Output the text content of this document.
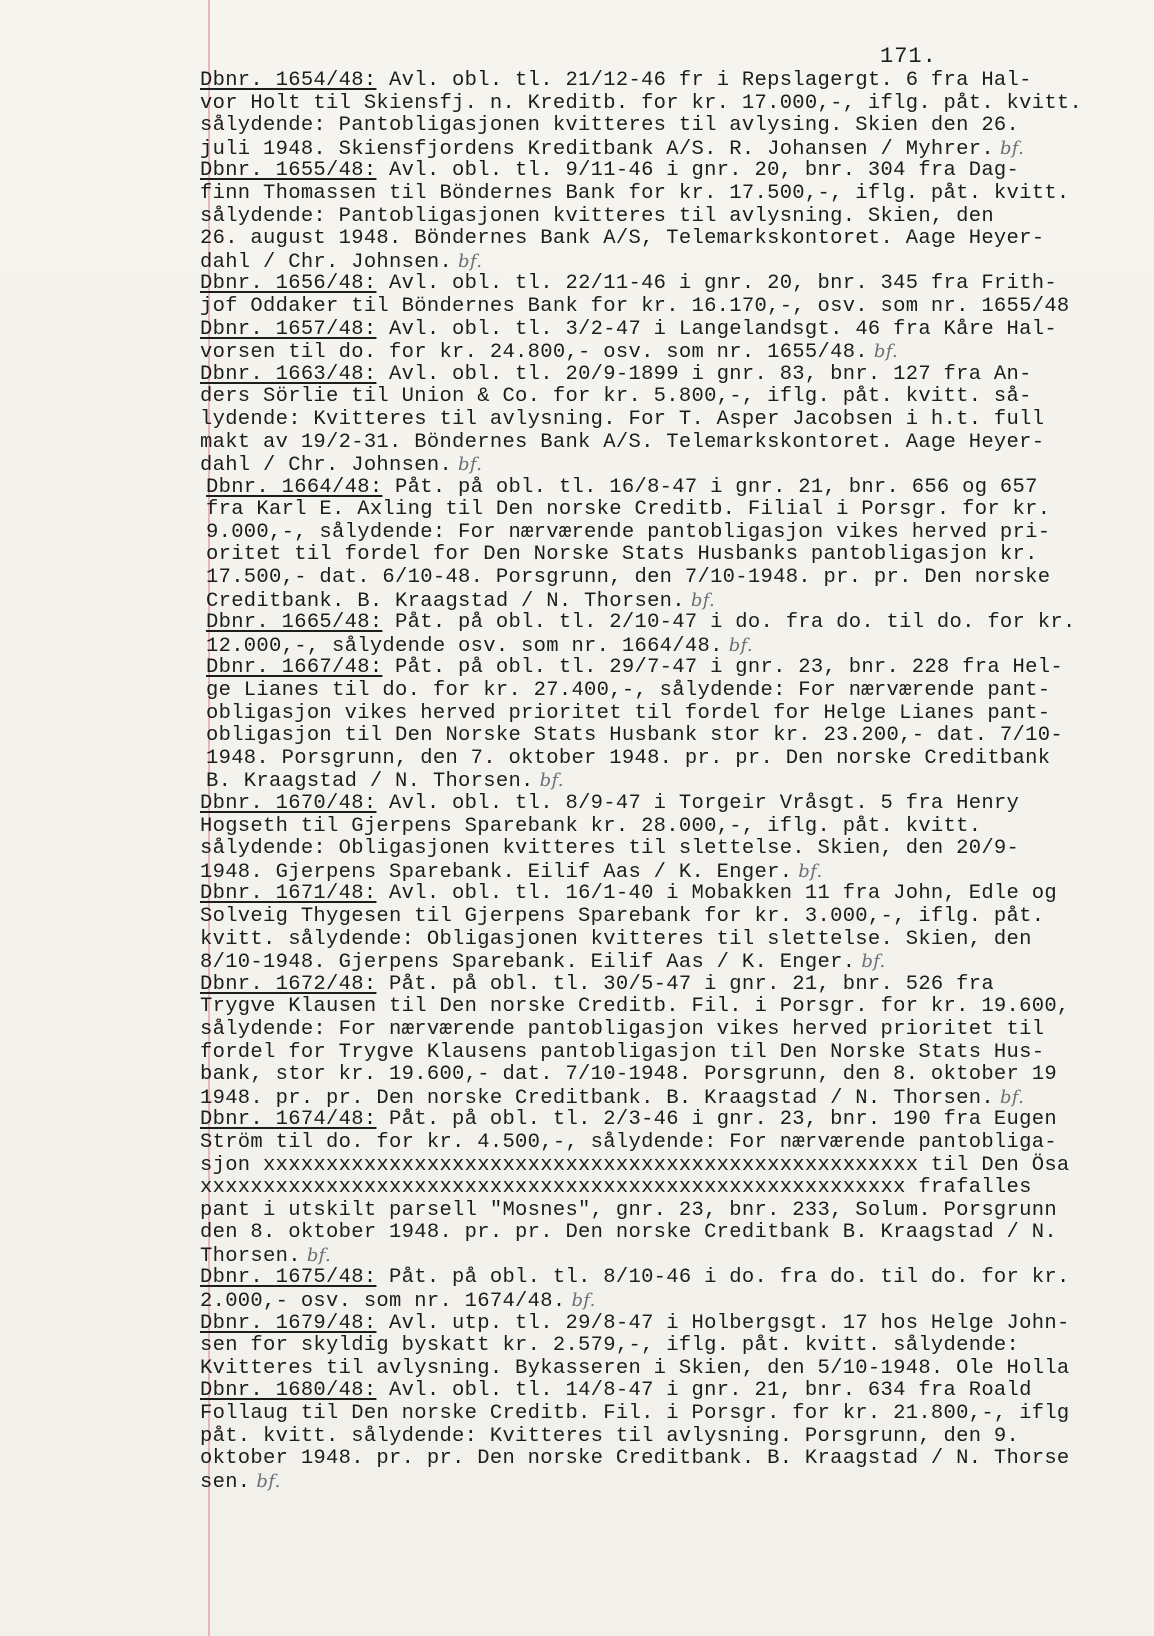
171.
Dbnr. 1654/48: Avl. obl. tl. 21/12-46 fr i Repslagergt. 6 fra Hal-
vor Holt til Skiensfj. n. Kreditb. for kr. 17.000,-, iflg. påt. kvitt.
sålydende: Pantobligasjonen kvitteres til avlysing. Skien den 26.
juli 1948. Skiensfjordens Kreditbank A/S. R. Johansen / Myhrer. bf.
Dbnr. 1655/48: Avl. obl. tl. 9/11-46 i gnr. 20, bnr. 304 fra Dag-
finn Thomassen til Böndernes Bank for kr. 17.500,-, iflg. påt. kvitt.
sålydende: Pantobligasjonen kvitteres til avlysning. Skien, den
26. august 1948. Böndernes Bank A/S, Telemarkskontoret. Aage Heyer-
dahl / Chr. Johnsen. bf.
Dbnr. 1656/48: Avl. obl. tl. 22/11-46 i gnr. 20, bnr. 345 fra Frith-
jof Oddaker til Böndernes Bank for kr. 16.170,-, osv. som nr. 1655/48
Dbnr. 1657/48: Avl. obl. tl. 3/2-47 i Langelandsgt. 46 fra Kåre Hal-
vorsen til do. for kr. 24.800,- osv. som nr. 1655/48. bf.
Dbnr. 1663/48: Avl. obl. tl. 20/9-1899 i gnr. 83, bnr. 127 fra An-
ders Sörlie til Union & Co. for kr. 5.800,-, iflg. påt. kvitt. så-
lydende: Kvitteres til avlysning. For T. Asper Jacobsen i h.t. full
makt av 19/2-31. Böndernes Bank A/S. Telemarkskontoret. Aage Heyer-
dahl / Chr. Johnsen. bf.
Dbnr. 1664/48: Påt. på obl. tl. 16/8-47 i gnr. 21, bnr. 656 og 657
fra Karl E. Axling til Den norske Creditb. Filial i Porsgr. for kr.
9.000,-, sålydende: For nærværende pantobligasjon vikes herved pri-
oritet til fordel for Den Norske Stats Husbanks pantobligasjon kr.
17.500,- dat. 6/10-48. Porsgrunn, den 7/10-1948. pr. pr. Den norske
Creditbank. B. Kraagstad / N. Thorsen. bf.
Dbnr. 1665/48: Påt. på obl. tl. 2/10-47 i do. fra do. til do. for kr.
12.000,-, sålydende osv. som nr. 1664/48. bf.
Dbnr. 1667/48: Påt. på obl. tl. 29/7-47 i gnr. 23, bnr. 228 fra Hel-
ge Lianes til do. for kr. 27.400,-, sålydende: For nærværende pant-
obligasjon vikes herved prioritet til fordel for Helge Lianes pant-
obligasjon til Den Norske Stats Husbank stor kr. 23.200,- dat. 7/10-
1948. Porsgrunn, den 7. oktober 1948. pr. pr. Den norske Creditbank
B. Kraagstad / N. Thorsen. bf.
Dbnr. 1670/48: Avl. obl. tl. 8/9-47 i Torgeir Vråsgt. 5 fra Henry
Hogseth til Gjerpens Sparebank kr. 28.000,-, iflg. påt. kvitt.
sålydende: Obligasjonen kvitteres til slettelse. Skien, den 20/9-
1948. Gjerpens Sparebank. Eilif Aas / K. Enger. bf.
Dbnr. 1671/48: Avl. obl. tl. 16/1-40 i Mobakken 11 fra John, Edle og
Solveig Thygesen til Gjerpens Sparebank for kr. 3.000,-, iflg. påt.
kvitt. sålydende: Obligasjonen kvitteres til slettelse. Skien, den
8/10-1948. Gjerpens Sparebank. Eilif Aas / K. Enger. bf.
Dbnr. 1672/48: Påt. på obl. tl. 30/5-47 i gnr. 21, bnr. 526 fra
Trygve Klausen til Den norske Creditb. Fil. i Porsgr. for kr. 19.600,
sålydende: For nærværende pantobligasjon vikes herved prioritet til
fordel for Trygve Klausens pantobligasjon til Den Norske Stats Hus-
bank, stor kr. 19.600,- dat. 7/10-1948. Porsgrunn, den 8. oktober 19
1948. pr. pr. Den norske Creditbank. B. Kraagstad / N. Thorsen. bf.
Dbnr. 1674/48: Påt. på obl. tl. 2/3-46 i gnr. 23, bnr. 190 fra Eugen
Ström til do. for kr. 4.500,-, sålydende: For nærværende pantobliga-
sjon xxxxxxxxxxxxxxxxxxxxxxxxxxxxxxxxxxxxxxxxxxxxxxxxxxxx til Den Ösa
xxxxxxxxxxxxxxxxxxxxxxxxxxxxxxxxxxxxxxxxxxxxxxxxxxxxxxxx frafalles
pant i utskilt parsell "Mosnes", gnr. 23, bnr. 233, Solum. Porsgrunn
den 8. oktober 1948. pr. pr. Den norske Creditbank B. Kraagstad / N.
Thorsen. bf.
Dbnr. 1675/48: Påt. på obl. tl. 8/10-46 i do. fra do. til do. for kr.
2.000,- osv. som nr. 1674/48. bf.
Dbnr. 1679/48: Avl. utp. tl. 29/8-47 i Holbergsgt. 17 hos Helge John-
sen for skyldig byskatt kr. 2.579,-, iflg. påt. kvitt. sålydende:
Kvitteres til avlysning. Bykasseren i Skien, den 5/10-1948. Ole Holla
Dbnr. 1680/48: Avl. obl. tl. 14/8-47 i gnr. 21, bnr. 634 fra Roald
Follaug til Den norske Creditb. Fil. i Porsgr. for kr. 21.800,-, iflg
påt. kvitt. sålydende: Kvitteres til avlysning. Porsgrunn, den 9.
oktober 1948. pr. pr. Den norske Creditbank. B. Kraagstad / N. Thorse
sen. bf.
